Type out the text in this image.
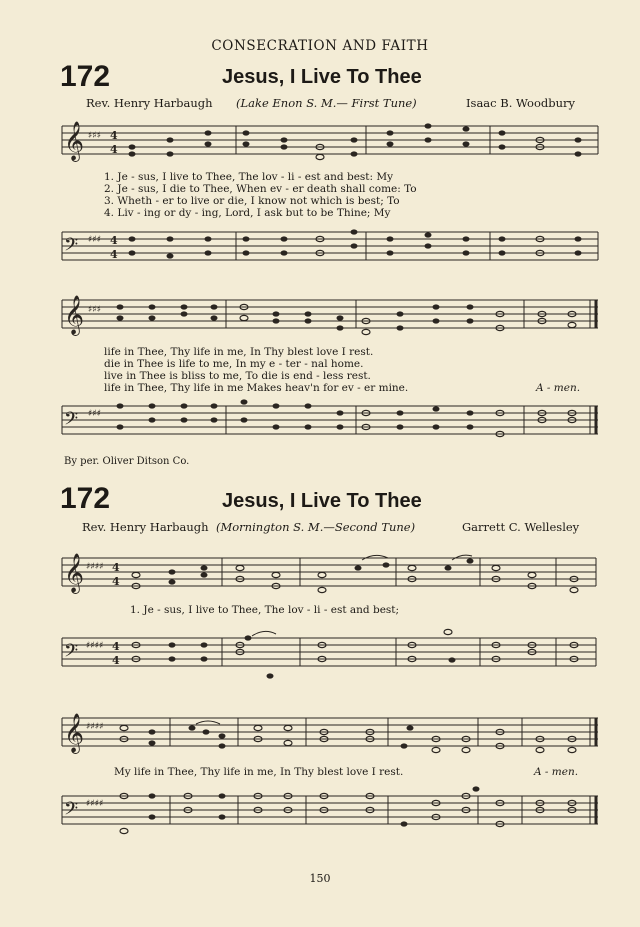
CONSECRATION AND FAITH
172	Jesus, I Live To Thee
Rev. Henry Harbaugh (Lake Enon S. M.— First Tune)	Isaac B. Woodbury
𝄞 ♯♯♯ 4
4
1. Je - sus, I live to Thee, The lov - li - est and best: My
2. Je - sus, I die to Thee, When ev - er death shall come: To
3. Wheth - er to live or die, I know not which is best; To
4. Liv - ing or dy - ing, Lord, I ask but to be Thine; My
𝄢 ♯♯♯ 4
4
𝄞 ♯♯♯
life in Thee, Thy life in me, In Thy blest love I rest.
die in Thee is life to me, In my e - ter - nal home.
live in Thee is bliss to me, To die is end - less rest.
life in Thee, Thy life in me Makes heav'n for ev - er mine.	A - men.
𝄢 ♯♯♯
By per. Oliver Ditson Co.
172	Jesus, I Live To Thee
Rev. Henry Harbaugh (Mornington S. M.—Second Tune)	Garrett C. Wellesley
𝄞 ♯♯♯♯ 4
4
1. Je - sus, I live to Thee, The lov - li - est and best;
𝄢 ♯♯♯♯ 4
4
𝄞 ♯♯♯♯
My life in Thee, Thy life in me, In Thy blest love I rest.	A - men.
𝄢 ♯♯♯♯
150
